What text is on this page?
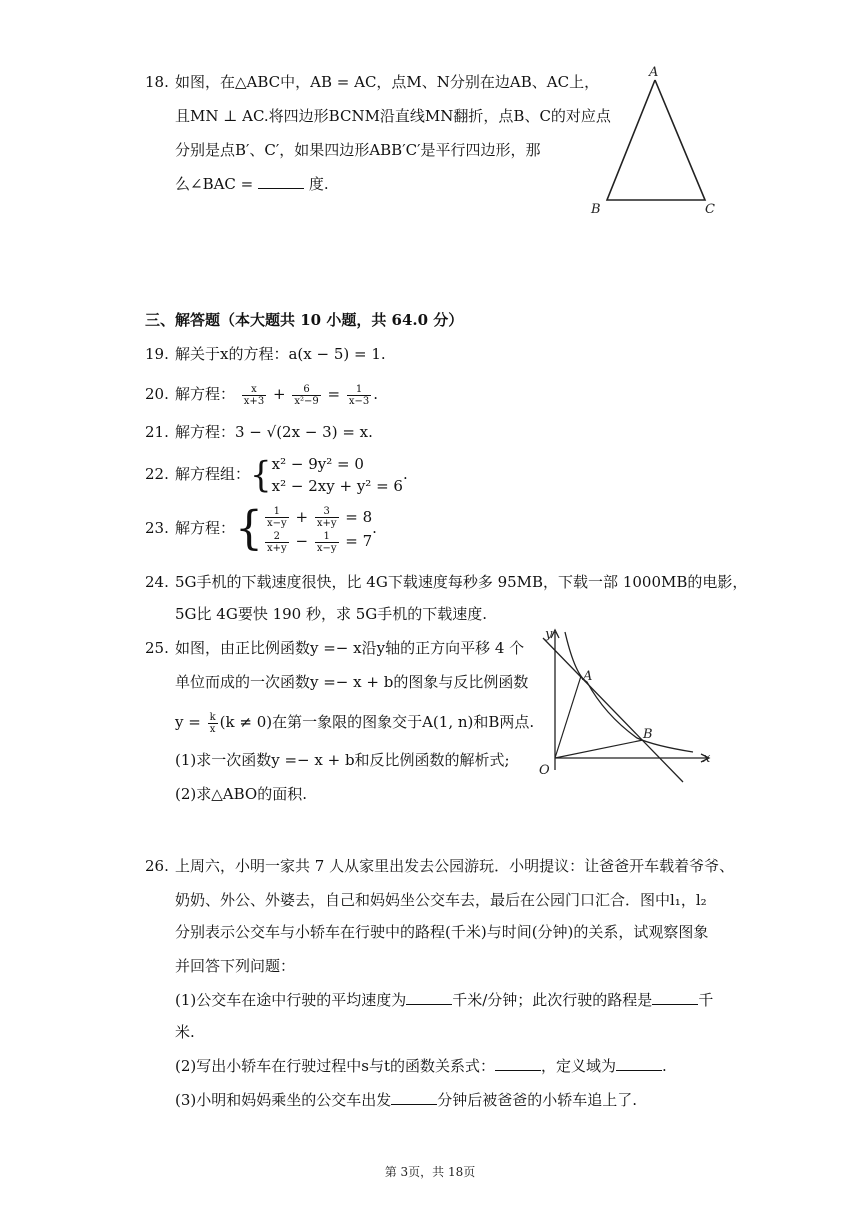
18. 如图，在△ABC中，AB = AC，点M、N分别在边AB、AC上，
且MN ⊥ AC.将四边形BCNM沿直线MN翻折，点B、C的对应点
分别是点B′、C′，如果四边形ABB′C′是平行四边形，那
么∠BAC =	度.
A
B	C
三、解答题（本大题共 10 小题，共 64.0 分）
19. 解关于x的方程：a(x − 5) = 1.
20. 解方程： $\frac{x}{x+3} + \frac{6}{\text{x²−9}} = \frac{1}{x-3}$ .
21. 解方程：3 − √(2x − 3) = x.
22. 解方程组：{ x² − 9y² = 0
x² − 2xy + y² = 6
.
23. 解方程：{ $\frac{1}{x-y} + \frac{3}{x+y} = 8$
$\frac{2}{x+y} - \frac{1}{x-y} = 7$
.
24. 5G手机的下载速度很快，比 4G下载速度每秒多 95MB，下载一部 1000MB的电影，
5G比 4G要快 190 秒，求 5G手机的下载速度.
25. 如图，由正比例函数y =− x沿y轴的正方向平移 4 个
单位而成的一次函数y =− x + b的图象与反比例函数
$y = \frac{k}{x} (k \ne 0)$在第一象限的图象交于A(1, n)和B两点.
(1)求一次函数y =− x + b和反比例函数的解析式;
(2)求△ABO的面积.
y
x
O
A
B
26. 上周六，小明一家共 7 人从家里出发去公园游玩．小明提议：让爸爸开车载着爷爷、
奶奶、外公、外婆去，自己和妈妈坐公交车去，最后在公园门口汇合．图中l₁，l₂
分别表示公交车与小轿车在行驶中的路程(千米)与时间(分钟)的关系，试观察图象
并回答下列问题：
(1)公交车在途中行驶的平均速度为	千米/分钟；此次行驶的路程是	千
米.
(2)写出小轿车在行驶过程中s与t的函数关系式：	，定义域为	.
(3)小明和妈妈乘坐的公交车出发	分钟后被爸爸的小轿车追上了.
第 3页，共 18页
